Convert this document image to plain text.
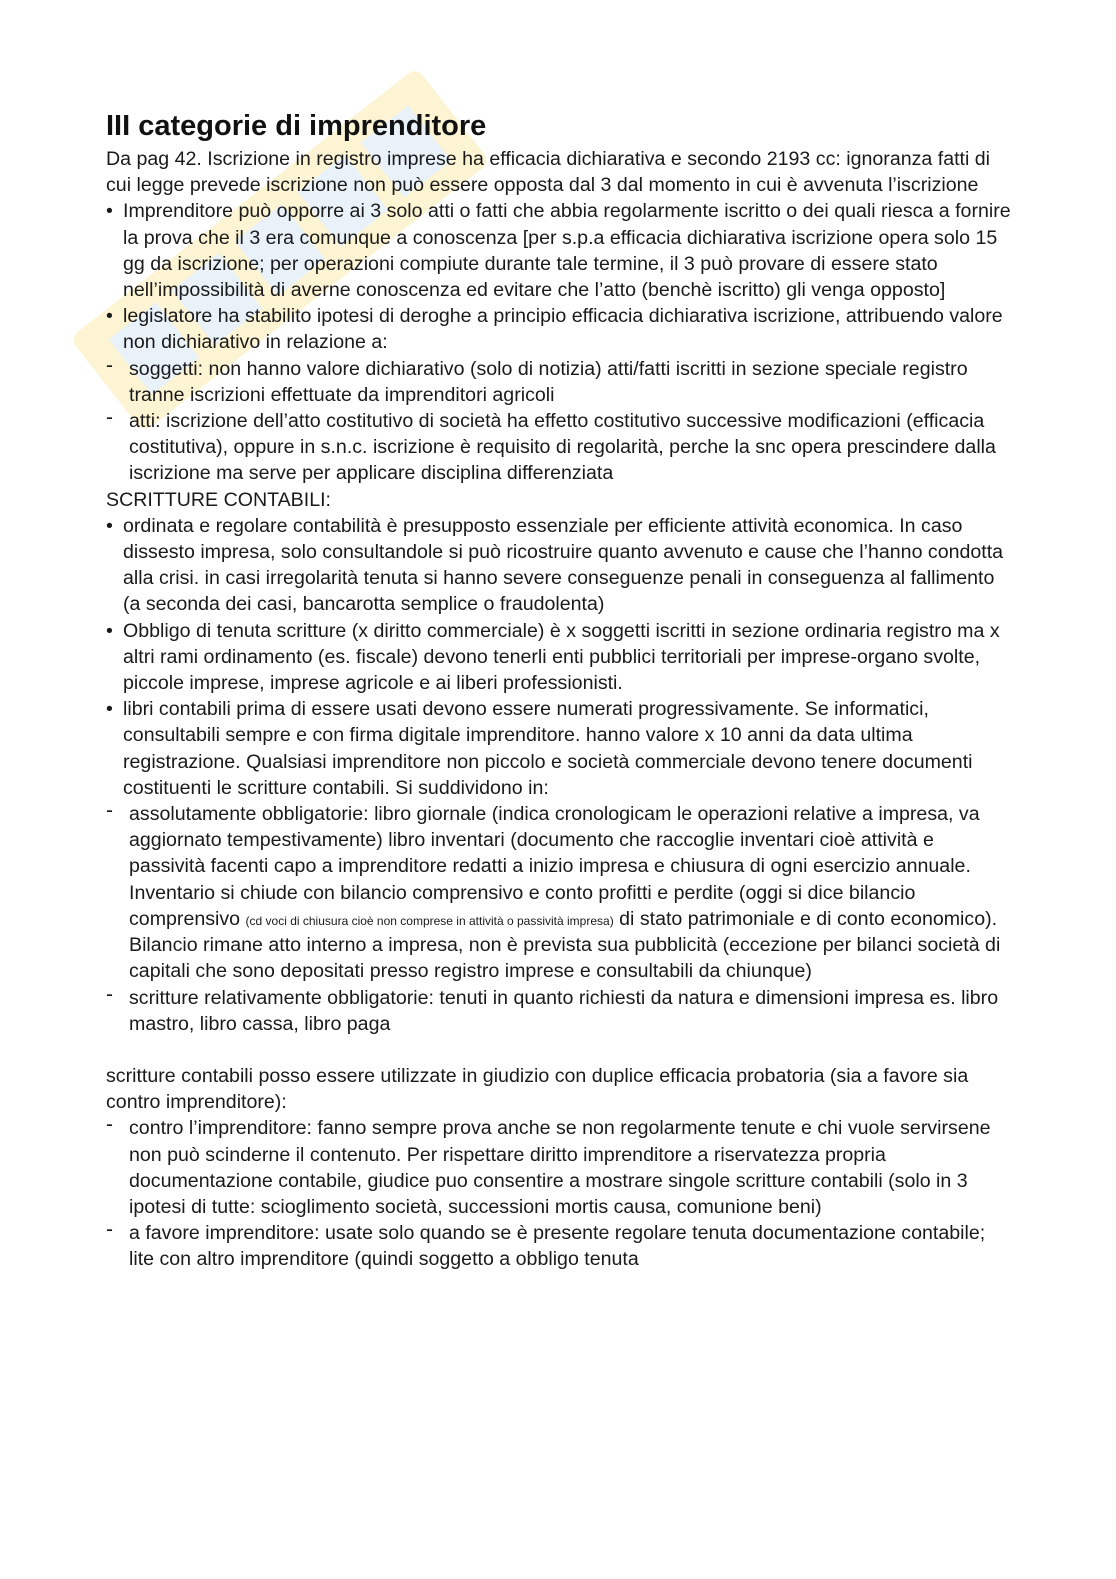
III categorie di imprenditore

Da pag 42. Iscrizione in registro imprese ha efficacia dichiarativa e secondo 2193 cc: ignoranza fatti di cui legge prevede iscrizione non può essere opposta dal 3 dal momento in cui è avvenuta l’iscrizione

• Imprenditore può opporre ai 3 solo atti o fatti che abbia regolarmente iscritto o dei quali riesca a fornire la prova che il 3 era comunque a conoscenza [per s.p.a efficacia dichiarativa iscrizione opera solo 15 gg da iscrizione; per operazioni compiute durante tale termine, il 3 può provare di essere stato nell’impossibilità di averne conoscenza ed evitare che l’atto (benchè iscritto) gli venga opposto]
• legislatore ha stabilito ipotesi di deroghe a principio efficacia dichiarativa iscrizione, attribuendo valore non dichiarativo in relazione a:
- soggetti: non hanno valore dichiarativo (solo di notizia) atti/fatti iscritti in sezione speciale registro tranne iscrizioni effettuate da imprenditori agricoli
- atti: iscrizione dell’atto costitutivo di società ha effetto costitutivo successive modificazioni (efficacia costitutiva), oppure in s.n.c. iscrizione è requisito di regolarità, perche la snc opera prescindere dalla iscrizione ma serve per applicare disciplina differenziata

SCRITTURE CONTABILI:

• ordinata e regolare contabilità è presupposto essenziale per efficiente attività economica. In caso dissesto impresa, solo consultandole si può ricostruire quanto avvenuto e cause che l’hanno condotta alla crisi. in casi irregolarità tenuta si hanno severe conseguenze penali in conseguenza al fallimento (a seconda dei casi, bancarotta semplice o fraudolenta)
• Obbligo di tenuta scritture (x diritto commerciale) è x soggetti iscritti in sezione ordinaria registro ma x altri rami ordinamento (es. fiscale) devono tenerli enti pubblici territoriali per imprese-organo svolte, piccole imprese, imprese agricole e ai liberi professionisti.
• libri contabili prima di essere usati devono essere numerati progressivamente. Se informatici, consultabili sempre e con firma digitale imprenditore. hanno valore x 10 anni da data ultima registrazione. Qualsiasi imprenditore non piccolo e società commerciale devono tenere documenti costituenti le scritture contabili. Si suddividono in:
- assolutamente obbligatorie: libro giornale (indica cronologicam le operazioni relative a impresa, va aggiornato tempestivamente) libro inventari (documento che raccoglie inventari cioè attività e passività facenti capo a imprenditore redatti a inizio impresa e chiusura di ogni esercizio annuale. Inventario si chiude con bilancio comprensivo e conto profitti e perdite (oggi si dice bilancio comprensivo (cd voci di chiusura cioè non comprese in attività o passività impresa) di stato patrimoniale e di conto economico). Bilancio rimane atto interno a impresa, non è prevista sua pubblicità (eccezione per bilanci società di capitali che sono depositati presso registro imprese e consultabili da chiunque)
- scritture relativamente obbligatorie: tenuti in quanto richiesti da natura e dimensioni impresa es. libro mastro, libro cassa, libro paga

scritture contabili posso essere utilizzate in giudizio con duplice efficacia probatoria (sia a favore sia contro imprenditore):

- contro l’imprenditore: fanno sempre prova anche se non regolarmente tenute e chi vuole servirsene non può scinderne il contenuto. Per rispettare diritto imprenditore a riservatezza propria documentazione contabile, giudice puo consentire a mostrare singole scritture contabili (solo in 3 ipotesi di tutte: scioglimento società, successioni mortis causa, comunione beni)
- a favore imprenditore: usate solo quando se è presente regolare tenuta documentazione contabile; lite con altro imprenditore (quindi soggetto a obbligo tenuta
